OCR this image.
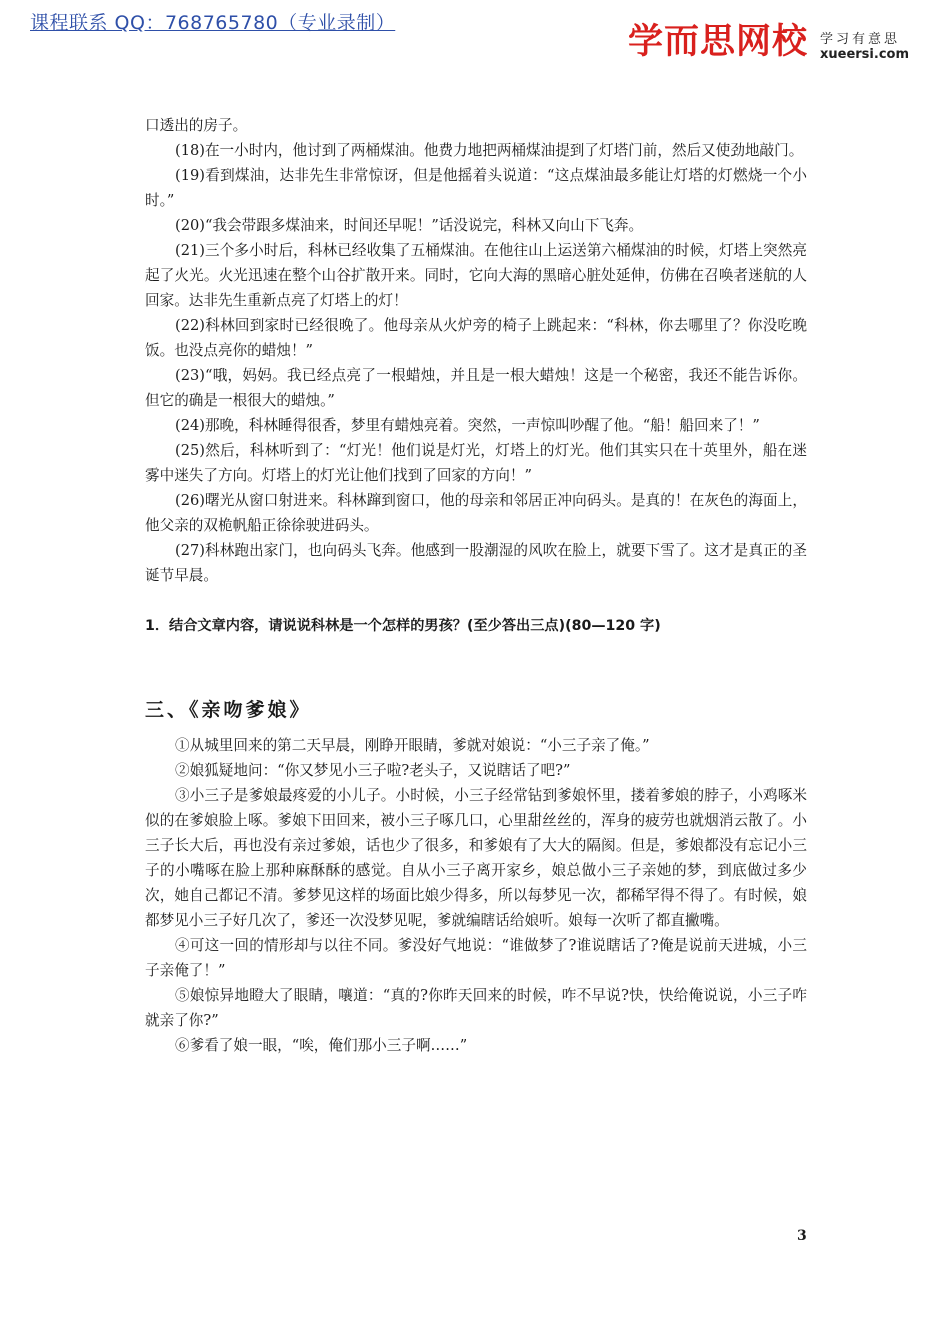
课程联系 QQ：768765780（专业录制）	学而思网校 学习有意思
xueersi.com

口透出的房子。

(18)在一小时内，他讨到了两桶煤油。他费力地把两桶煤油提到了灯塔门前，然后又使劲地敲门。

(19)看到煤油，达非先生非常惊讶，但是他摇着头说道：“这点煤油最多能让灯塔的灯燃烧一个小时。”

(20)“我会带跟多煤油来，时间还早呢！”话没说完，科林又向山下飞奔。

(21)三个多小时后，科林已经收集了五桶煤油。在他往山上运送第六桶煤油的时候，灯塔上突然亮起了火光。火光迅速在整个山谷扩散开来。同时，它向大海的黑暗心脏处延伸，仿佛在召唤者迷航的人回家。达非先生重新点亮了灯塔上的灯！

(22)科林回到家时已经很晚了。他母亲从火炉旁的椅子上跳起来：“科林，你去哪里了？你没吃晚饭。也没点亮你的蜡烛！”

(23)“哦，妈妈。我已经点亮了一根蜡烛，并且是一根大蜡烛！这是一个秘密，我还不能告诉你。但它的确是一根很大的蜡烛。”

(24)那晚，科林睡得很香，梦里有蜡烛亮着。突然，一声惊叫吵醒了他。“船！船回来了！”

(25)然后，科林听到了：“灯光！他们说是灯光，灯塔上的灯光。他们其实只在十英里外，船在迷雾中迷失了方向。灯塔上的灯光让他们找到了回家的方向！”

(26)曙光从窗口射进来。科林蹿到窗口，他的母亲和邻居正冲向码头。是真的！在灰色的海面上，他父亲的双桅帆船正徐徐驶进码头。

(27)科林跑出家门，也向码头飞奔。他感到一股潮湿的风吹在脸上，就要下雪了。这才是真正的圣诞节早晨。

1．结合文章内容，请说说科林是一个怎样的男孩？(至少答出三点)(80—120 字)

三、《亲吻爹娘》

①从城里回来的第二天早晨，刚睁开眼睛，爹就对娘说：“小三子亲了俺。”

②娘狐疑地问：“你又梦见小三子啦?老头子，又说瞎话了吧?”

③小三子是爹娘最疼爱的小儿子。小时候，小三子经常钻到爹娘怀里，搂着爹娘的脖子，小鸡啄米似的在爹娘脸上啄。爹娘下田回来，被小三子啄几口，心里甜丝丝的，浑身的疲劳也就烟消云散了。小三子长大后，再也没有亲过爹娘，话也少了很多，和爹娘有了大大的隔阂。但是，爹娘都没有忘记小三子的小嘴啄在脸上那种麻酥酥的感觉。自从小三子离开家乡，娘总做小三子亲她的梦，到底做过多少次，她自己都记不清。爹梦见这样的场面比娘少得多，所以每梦见一次，都稀罕得不得了。有时候，娘都梦见小三子好几次了，爹还一次没梦见呢，爹就编瞎话给娘听。娘每一次听了都直撇嘴。

④可这一回的情形却与以往不同。爹没好气地说：“谁做梦了?谁说瞎话了?俺是说前天进城，小三子亲俺了！”

⑤娘惊异地瞪大了眼睛，嚷道：“真的?你昨天回来的时候，咋不早说?快，快给俺说说，小三子咋就亲了你?”

⑥爹看了娘一眼，“唉，俺们那小三子啊……”

3
